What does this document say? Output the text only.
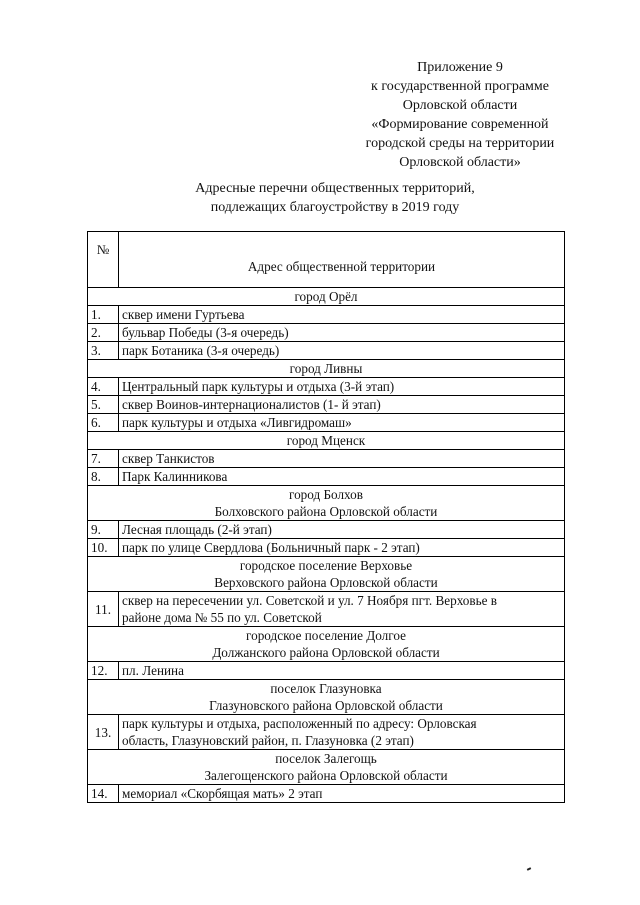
Приложение 9
к государственной программе
Орловской области
«Формирование современной
городской среды на территории
Орловской области»
Адресные перечни общественных территорий,
подлежащих благоустройству в 2019 году
№	Адрес общественной территории

город Орёл	

1.	сквер имени Гуртьева

2.	бульвар Победы (3-я очередь)

3.	парк Ботаника (3-я очередь)

город Ливны	

4.	Центральный парк культуры и отдыха (3-й этап)

5.	сквер Воинов-интернационалистов (1- й этап)

6.	парк культуры и отдыха «Ливгидромаш»

город Мценск	

7.	сквер Танкистов

8.	Парк Калинникова

город Болхов
Болховского района Орловской области	

9.	Лесная площадь (2-й этап)

10.	парк по улице Свердлова (Больничный парк - 2 этап)

городское поселение Верховье
Верховского района Орловской области	

11.	сквер на пересечении ул. Советской и ул. 7 Ноября пгт. Верховье в
районе дома № 55 по ул. Советской

городское поселение Долгое
Должанского района Орловской области	

12.	пл. Ленина

поселок Глазуновка
Глазуновского района Орловской области	

13.	парк культуры и отдыха, расположенный по адресу: Орловская
область, Глазуновский район, п. Глазуновка (2 этап)

поселок Залегощь
Залегощенского района Орловской области	

14.	мемориал «Скорбящая мать» 2 этап
